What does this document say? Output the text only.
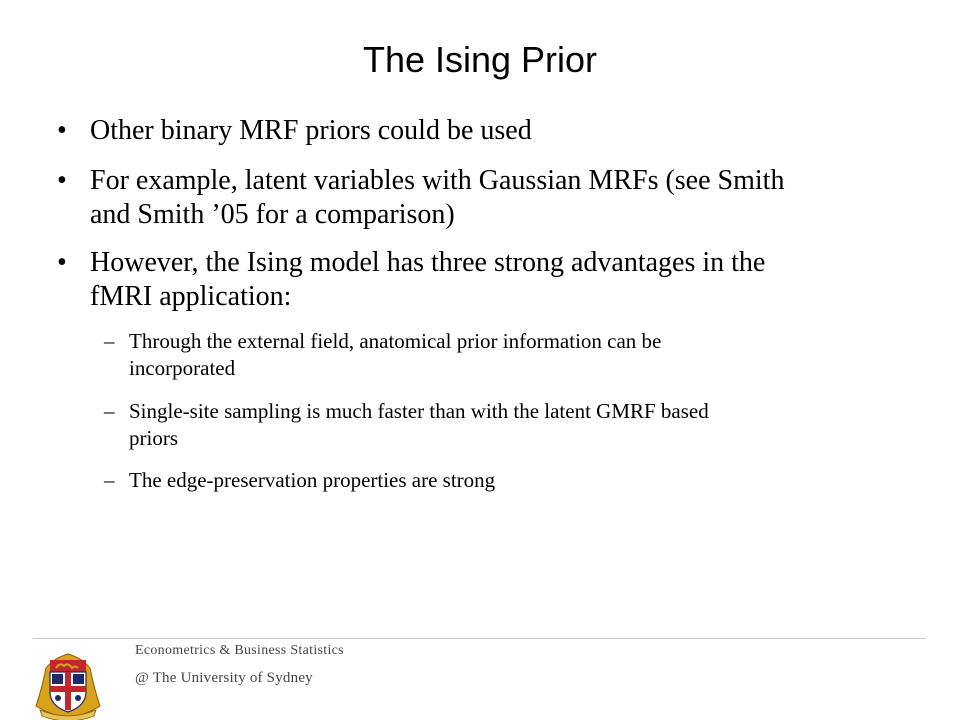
The Ising Prior
• Other binary MRF priors could be used
• For example, latent variables with Gaussian MRFs (see Smith
and Smith ’05 for a comparison)
• However, the Ising model has three strong advantages in the
fMRI application:
– Through the external field, anatomical prior information can be
incorporated
– Single-site sampling is much faster than with the latent GMRF based
priors
– The edge-preservation properties are strong
Econometrics & Business Statistics
@ The University of Sydney
